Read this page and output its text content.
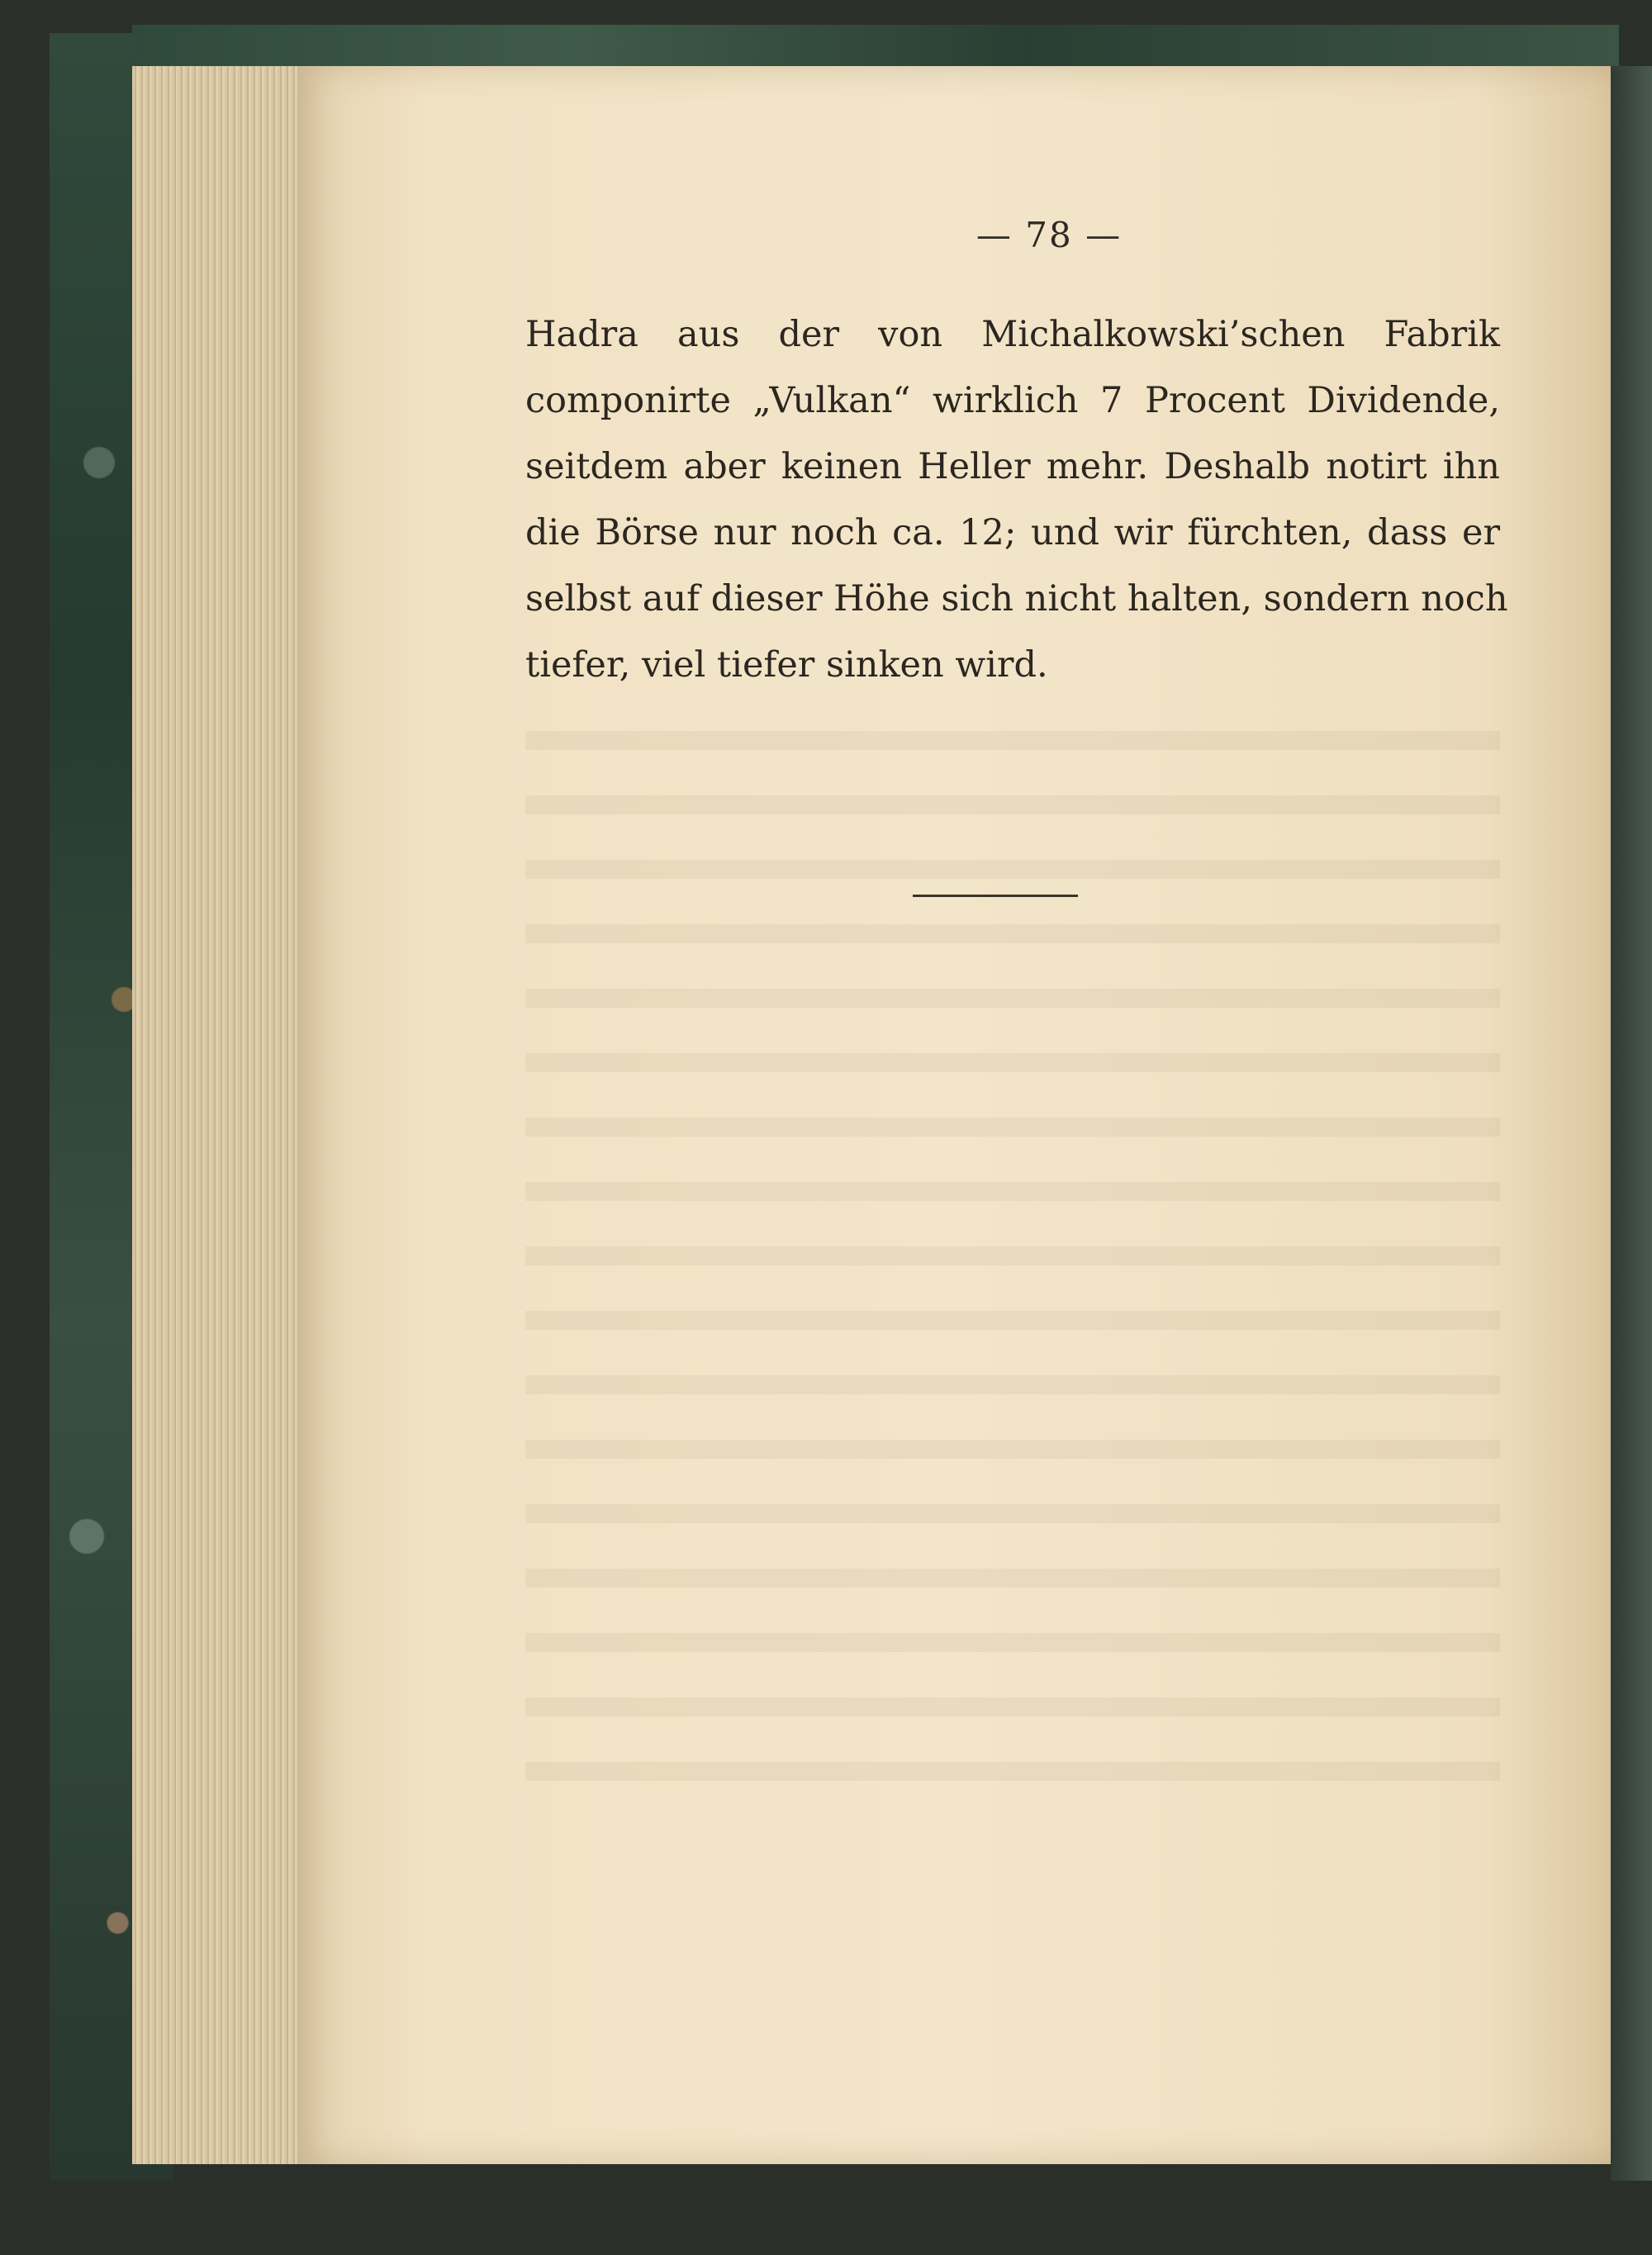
— 78 —
Hadra aus der von Michalkowski’schen Fabrik
componirte „Vulkan“ wirklich 7 Procent Dividende,
seitdem aber keinen Heller mehr. Deshalb notirt ihn
die Börse nur noch ca. 12; und wir fürchten, dass er
selbst auf dieser Höhe sich nicht halten, sondern noch
tiefer, viel tiefer sinken wird.
